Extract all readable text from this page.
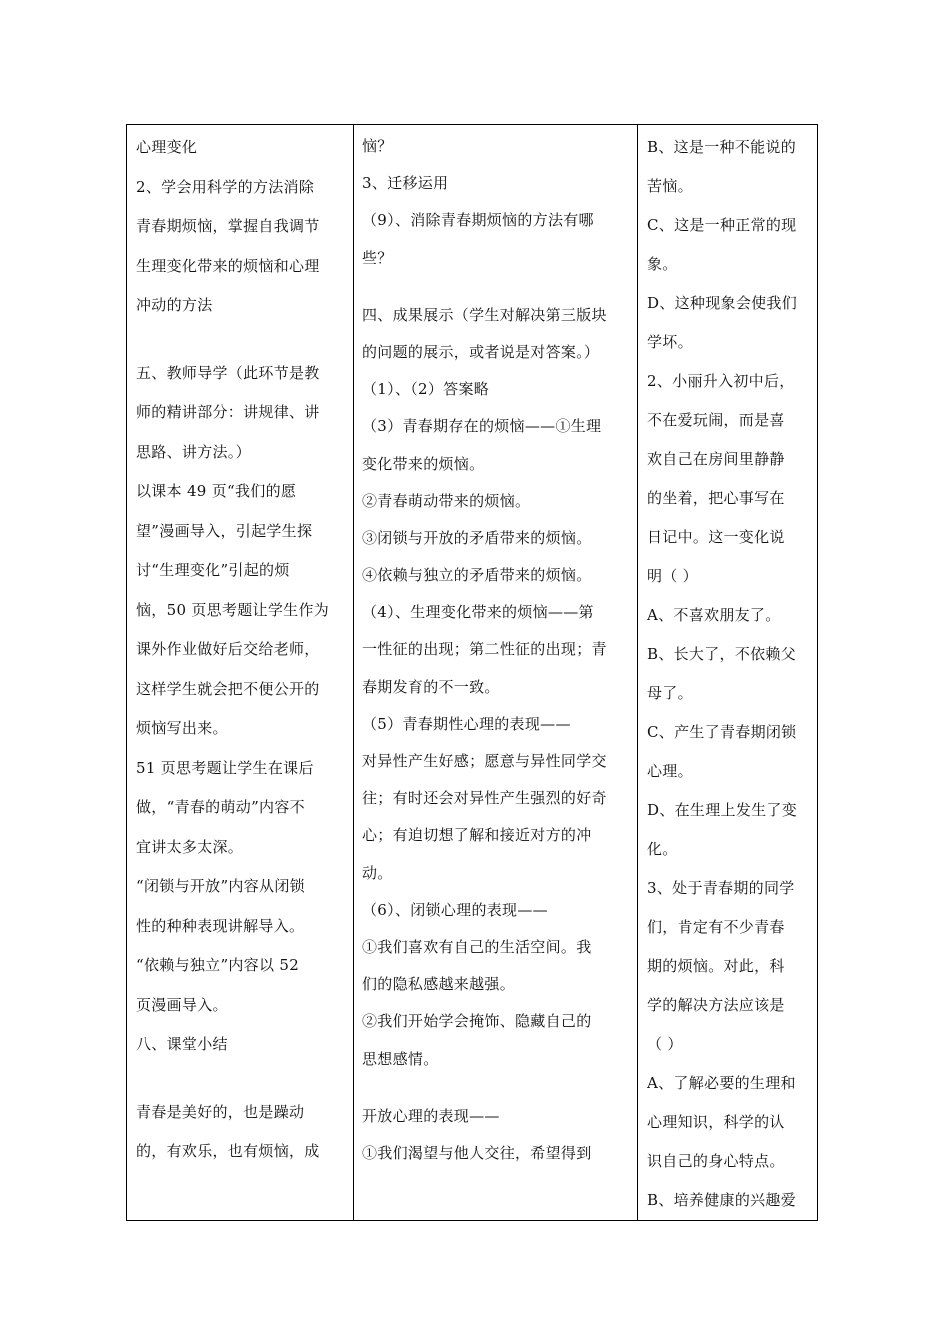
心理变化
2、学会用科学的方法消除
青春期烦恼，掌握自我调节
生理变化带来的烦恼和心理
冲动的方法
五、教师导学（此环节是教
师的精讲部分：讲规律、讲
思路、讲方法。）
以课本 49 页“我们的愿
望”漫画导入，引起学生探
讨“生理变化”引起的烦
恼，50 页思考题让学生作为
课外作业做好后交给老师，
这样学生就会把不便公开的
烦恼写出来。
51 页思考题让学生在课后
做，“青春的萌动”内容不
宜讲太多太深。
“闭锁与开放”内容从闭锁
性的种种表现讲解导入。
“依赖与独立”内容以 52
页漫画导入。
八、课堂小结
青春是美好的，也是躁动
的，有欢乐，也有烦恼，成

恼？
3、迁移运用
（9）、消除青春期烦恼的方法有哪
些？
四、成果展示（学生对解决第三版块
的问题的展示，或者说是对答案。）
（1）、（2）答案略
（3）青春期存在的烦恼——①生理
变化带来的烦恼。
②青春萌动带来的烦恼。
③闭锁与开放的矛盾带来的烦恼。
④依赖与独立的矛盾带来的烦恼。
（4）、生理变化带来的烦恼——第
一性征的出现；第二性征的出现；青
春期发育的不一致。
（5）青春期性心理的表现——
对异性产生好感；愿意与异性同学交
往；有时还会对异性产生强烈的好奇
心；有迫切想了解和接近对方的冲
动。
（6）、闭锁心理的表现——
①我们喜欢有自己的生活空间。我
们的隐私感越来越强。
②我们开始学会掩饰、隐藏自己的
思想感情。
开放心理的表现——
①我们渴望与他人交往，希望得到

B、这是一种不能说的
苦恼。
C、这是一种正常的现
象。
D、这种现象会使我们
学坏。
2、小丽升入初中后，
不在爱玩闹，而是喜
欢自己在房间里静静
的坐着，把心事写在
日记中。这一变化说
明（ ）
A、不喜欢朋友了。
B、长大了，不依赖父
母了。
C、产生了青春期闭锁
心理。
D、在生理上发生了变
化。
3、处于青春期的同学
们，肯定有不少青春
期的烦恼。对此，科
学的解决方法应该是
（ ）
A、了解必要的生理和
心理知识，科学的认
识自己的身心特点。
B、培养健康的兴趣爱
